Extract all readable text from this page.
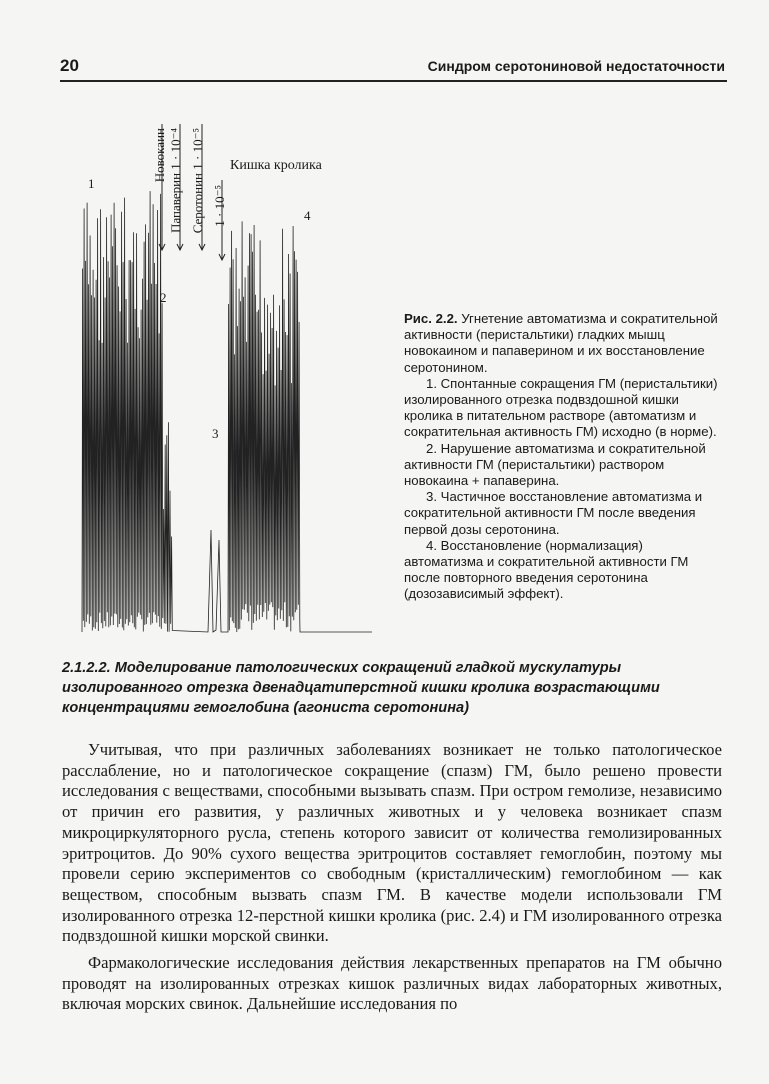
20	Синдром серотониновой недостаточности
Кишка кролика
Новокаин Папаверин 1 · 10⁻⁴ Серотонин 1 · 10⁻⁵ 1 · 10⁻⁵
1
2
3
4

Рис. 2.2. Угнетение автоматизма и сократительной активности (перистальтики) гладких мышц новокаином и папаверином и их восстановление серотонином.

1. Спонтанные сокращения ГМ (перистальтики) изолированного отрезка подвздошной кишки кролика в питательном растворе (автоматизм и сократительная активность ГМ) исходно (в норме).

2. Нарушение автоматизма и сократительной активности ГМ (перистальтики) раствором новокаина + папаверина.

3. Частичное восстановление автоматизма и сократительной активности ГМ после введения первой дозы серотонина.

4. Восстановление (нормализация) автоматизма и сократительной активности ГМ после повторного введения серотонина (дозозависимый эффект).

2.1.2.2. Моделирование патологических сокращений гладкой мускулатуры изолированного отрезка двенадцатиперстной кишки кролика возрастающими концентрациями гемоглобина (агониста серотонина)

Учитывая, что при различных заболеваниях возникает не только патологическое расслабление, но и патологическое сокращение (спазм) ГМ, было решено провести исследования с веществами, способными вызывать спазм. При остром гемолизе, независимо от причин его развития, у различных животных и у человека возникает спазм микроциркуляторного русла, степень которого зависит от количества гемолизированных эритроцитов. До 90% сухого вещества эритроцитов составляет гемоглобин, поэтому мы провели серию экспериментов со свободным (кристаллическим) гемоглобином — как веществом, способным вызвать спазм ГМ. В качестве модели использовали ГМ изолированного отрезка 12-перстной кишки кролика (рис. 2.4) и ГМ изолированного отрезка подвздошной кишки морской свинки.

Фармакологические исследования действия лекарственных препаратов на ГМ обычно проводят на изолированных отрезках кишок различных видах лабораторных животных, включая морских свинок. Дальнейшие исследования по
